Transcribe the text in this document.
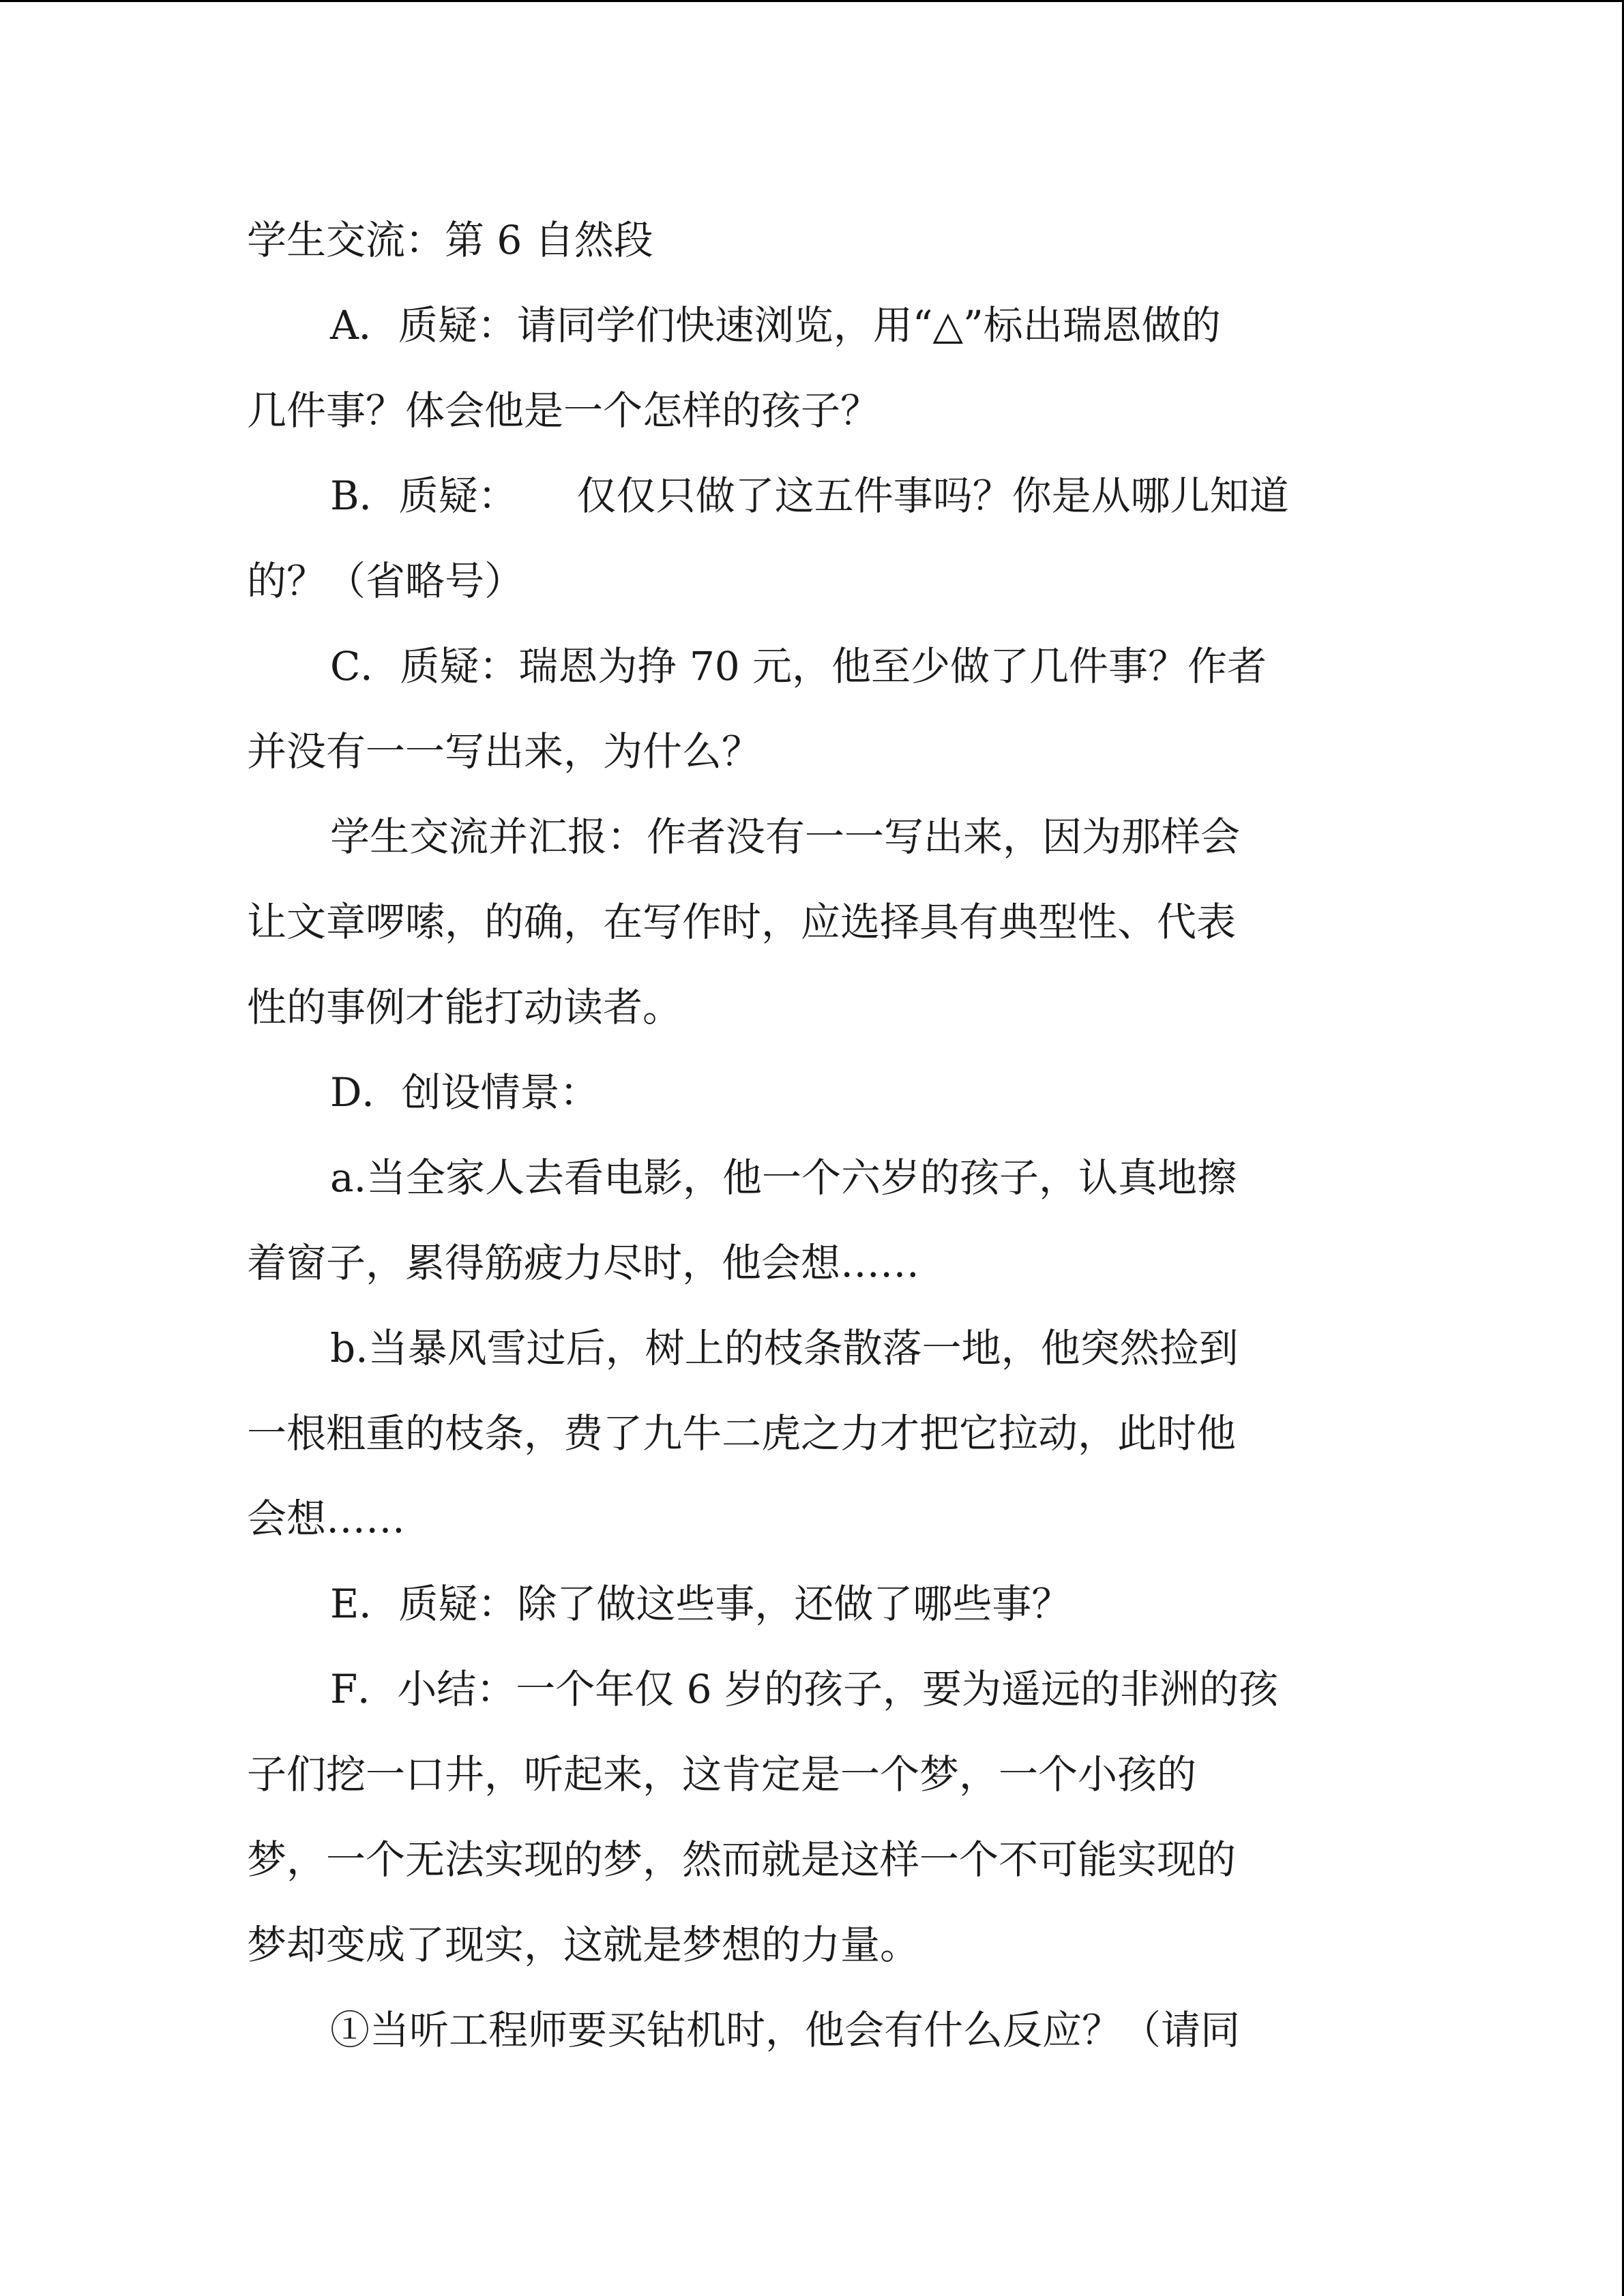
学生交流：第 6 自然段
A．质疑：请同学们快速浏览，用“△”标出瑞恩做的
几件事？体会他是一个怎样的孩子？
B．质疑：　　仅仅只做了这五件事吗？你是从哪儿知道
的？（省略号）
C．质疑：瑞恩为挣 70 元，他至少做了几件事？作者
并没有一一写出来，为什么？
学生交流并汇报：作者没有一一写出来，因为那样会
让文章啰嗦，的确，在写作时，应选择具有典型性、代表
性的事例才能打动读者。
D．创设情景：
a.当全家人去看电影，他一个六岁的孩子，认真地擦
着窗子，累得筋疲力尽时，他会想……
b.当暴风雪过后，树上的枝条散落一地，他突然捡到
一根粗重的枝条，费了九牛二虎之力才把它拉动，此时他
会想……
E．质疑：除了做这些事，还做了哪些事？
F．小结：一个年仅 6 岁的孩子，要为遥远的非洲的孩
子们挖一口井，听起来，这肯定是一个梦，一个小孩的
梦，一个无法实现的梦，然而就是这样一个不可能实现的
梦却变成了现实，这就是梦想的力量。
①当听工程师要买钻机时，他会有什么反应？（请同
